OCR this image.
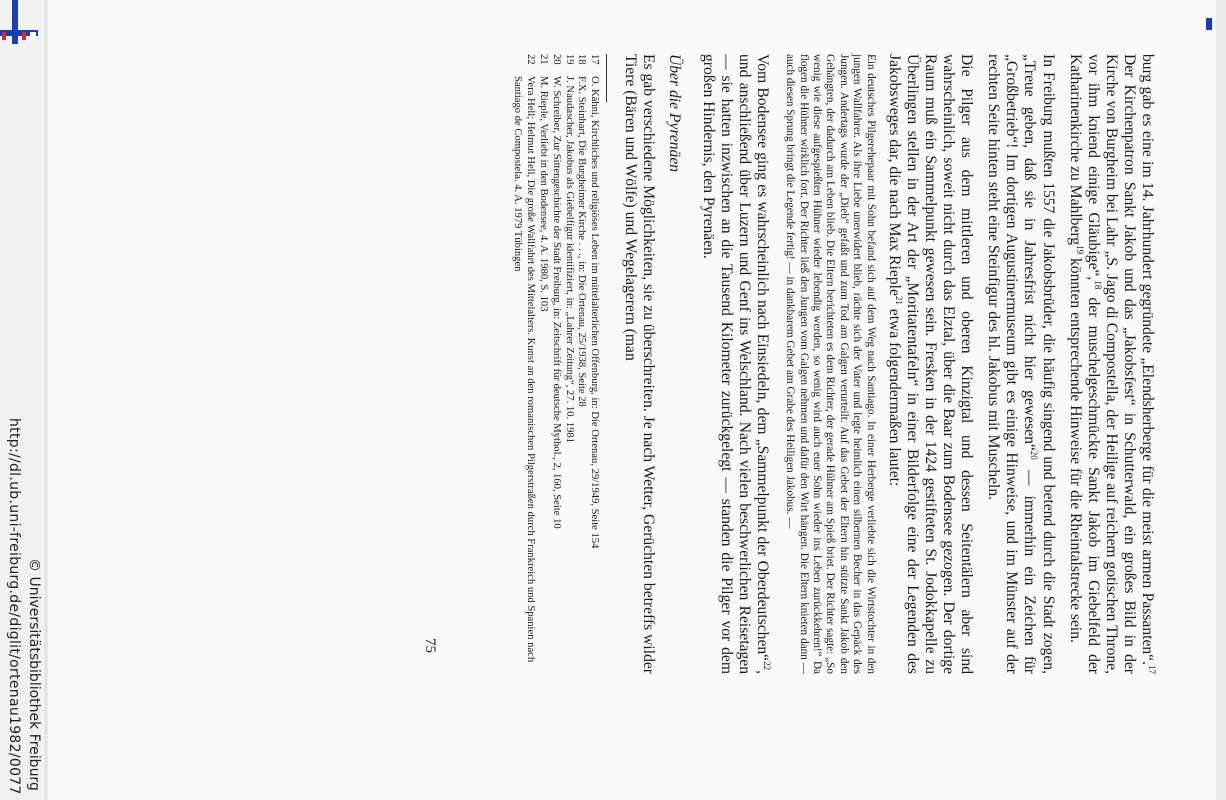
http://dl.ub.uni-freiburg.de/diglit/ortenau1982/0077 © Universitätsbibliothek Freiburg

burg gab es eine im 14. Jahrhundert gegründete „Elendsherberge für die meist armen Passanten“.$^{17}$ Der Kirchenpatron Sankt Jakob und das „Jakobsfest“ in Schutterwald, ein großes Bild in der Kirche von Burgheim bei Lahr „S. Jago di Compostella, der Heilige auf reichem gotischen Throne, vor ihm kniend einige Gläubige“,$^{18}$ der muschelgeschmückte Sankt Jakob im Giebelfeld der Katharinenkirche zu Mahlberg$^{19}$ könnten entsprechende Hinweise für die Rheintalstrecke sein.

In Freiburg mußten 1557 die Jakobsbrüder, die häufig singend und betend durch die Stadt zogen, „Treue geben, daß sie in Jahresfrist nicht hier gewesen“$^{20}$ — immerhin ein Zeichen für „Großbetrieb“! Im dortigen Augustinermuseum gibt es einige Hinweise, und im Münster auf der rechten Seite hinten steht eine Steinfigur des hl. Jakobus mit Muscheln.

Die Pilger aus dem mittleren und oberen Kinzigtal und dessen Seitentälern aber sind wahrscheinlich, soweit nicht durch das Elztal, über die Baar zum Bodensee gezogen. Der dortige Raum muß ein Sammelpunkt gewesen sein. Fresken in der 1424 gestifteten St. Jodokkapelle zu Überlingen stellen in der Art der „Moritatentafeln“ in einer Bilderfolge eine der Legenden des Jakobsweges dar, die nach Max Rieple$^{21}$ etwa folgendermaßen lautet:

Ein deutsches Pilgerehepaar mit Sohn befand sich auf dem Weg nach Santiago. In einer Herberge verliebte sich die Wirtstochter in den jungen Wallfahrer. Als ihre Liebe unerwidert blieb, rächte sich der Vater und legte heimlich einen silbernen Becher in das Gepäck des Jungen. Andertags wurde der „Dieb“ gefaßt und zum Tod am Galgen verurteilt. Auf das Gebet der Eltern hin stützte Sankt Jakob den Gehängten, der dadurch am Leben blieb. Die Eltern berichteten es dem Richter, der gerade Hühner am Spieß briet. Der Richter sagte: „So wenig wie diese aufgespießten Hühner wieder lebendig werden, so wenig wird auch euer Sohn wieder ins Leben zurückkehren!“ Da flogen die Hühner wirklich fort. Der Richter ließ den Jungen vom Galgen nehmen und dafür den Wirt hängen. Die Eltern knieten dann — auch diesen Sprung bringt die Legende fertig! — in dankbarem Gebet am Grabe des Heiligen Jakobus. —

Vom Bodensee ging es wahrscheinlich nach Einsiedeln, dem „Sammelpunkt der Oberdeutschen“$^{22}$, und anschließend über Luzern und Genf ins Welschland. Nach vielen beschwerlichen Reisetagen — sie hatten inzwischen an die Tausend Kilometer zurückgelegt — standen die Pilger vor dem großen Hindernis, den Pyrenäen.

Über die Pyrenäen

Es gab verschiedene Möglichkeiten, sie zu überschreiten. Je nach Wetter, Gerüchten betreffs wilder Tiere (Bären und Wölfe) und Wegelagerern (man

17
O. Kähni, Kirchliches und religiöses Leben im mittelalterlichen Offenburg, in: Die Ortenau, 29/1949, Seite 154
18
F.X. Steinhart, Die Burgheimer Kirche . . ., in: Die Ortenau, 25/1938, Seite 28
19
J. Naudascher, Jakobus als Giebelfigur identifiziert, in: „Lahrer Zeitung“, 27. 10. 1981
20
W. Schreiber, Zur Sittengeschichte der Stadt Freiburg, in: Zeitschrift für deutsche Mythol., 2, 160, Seite 10
21
M. Rieple, Verliebt in den Bodensee, 4. A. 1980, S. 103
22
Vera Hell; Helmut Hell, Die große Wallfahrt des Mittelalters. Kunst an den romanischen Pilgerstraßen durch Frankreich und Spanien nach Santiago de Compostela. 4. A. 1979 Tübingen
75
